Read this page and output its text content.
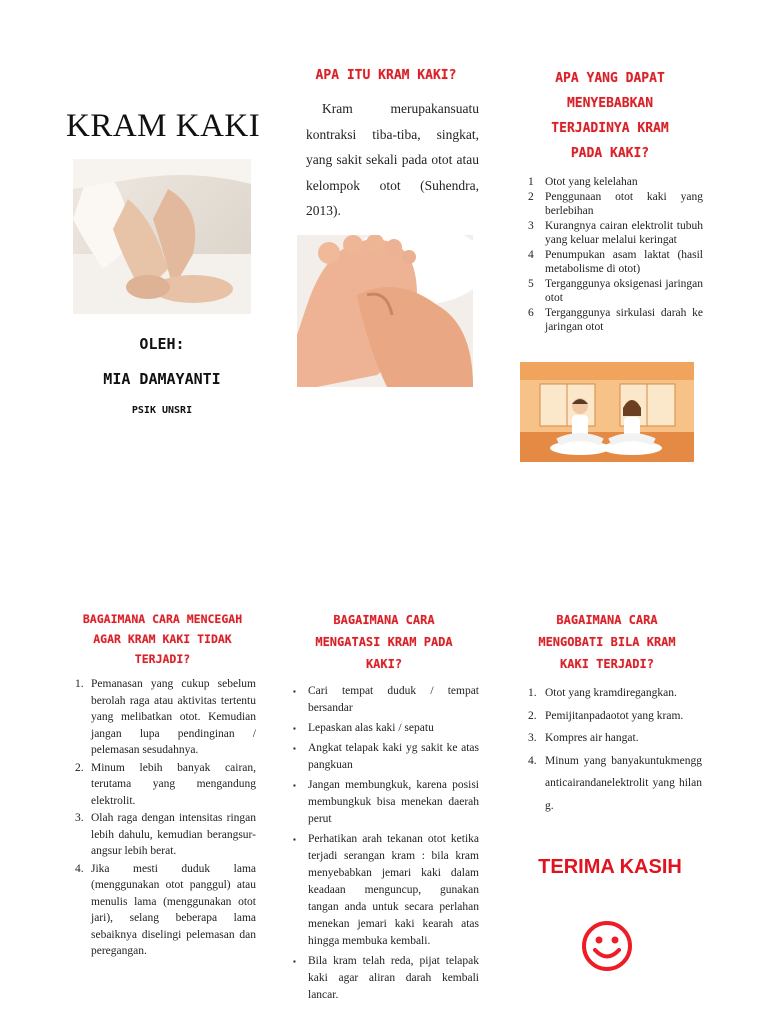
KRAM KAKI
OLEH:
MIA DAMAYANTI
PSIK UNSRI
APA ITU KRAM KAKI?
Kram merupakansuatu kontraksi tiba-tiba, singkat, yang sakit sekali pada otot atau kelompok otot (Suhendra, 2013).
APA YANG DAPAT
MENYEBABKAN
TERJADINYA KRAM
PADA KAKI?
1 Otot yang kelelahan
2 Penggunaan otot kaki yang berlebihan
3 Kurangnya cairan elektrolit tubuh yang keluar melalui keringat
4 Penumpukan asam laktat (hasil metabolisme di otot)
5 Terganggunya oksigenasi jaringan otot
6 Terganggunya sirkulasi darah ke jaringan otot
BAGAIMANA CARA MENCEGAH
AGAR KRAM KAKI TIDAK
TERJADI?
1. Pemanasan yang cukup sebelum berolah raga atau aktivitas tertentu yang melibatkan otot. Kemudian jangan lupa pendinginan / pelemasan sesudahnya.
2. Minum lebih banyak cairan, terutama yang mengandung elektrolit.
3. Olah raga dengan intensitas ringan lebih dahulu, kemudian berangsur-angsur lebih berat.
4. Jika mesti duduk lama (menggunakan otot panggul) atau menulis lama (menggunakan otot jari), selang beberapa lama sebaiknya diselingi pelemasan dan peregangan.
BAGAIMANA CARA
MENGATASI KRAM PADA
KAKI?
▪ Cari tempat duduk / tempat bersandar
▪ Lepaskan alas kaki / sepatu
▪ Angkat telapak kaki yg sakit ke atas pangkuan
▪ Jangan membungkuk, karena posisi membungkuk bisa menekan daerah perut
▪ Perhatikan arah tekanan otot ketika terjadi serangan kram : bila kram menyebabkan jemari kaki dalam keadaan menguncup, gunakan tangan anda untuk secara perlahan menekan jemari kaki kearah atas hingga membuka kembali.
▪ Bila kram telah reda, pijat telapak kaki agar aliran darah kembali lancar.
BAGAIMANA CARA
MENGOBATI BILA KRAM
KAKI TERJADI?
1. Otot yang kramdiregangkan.
2. Pemijitanpadaotot yang kram.
3. Kompres air hangat.
4. Minum yang banyakuntukmengganticairandanelektrolit yang hilang.
TERIMA KASIH
